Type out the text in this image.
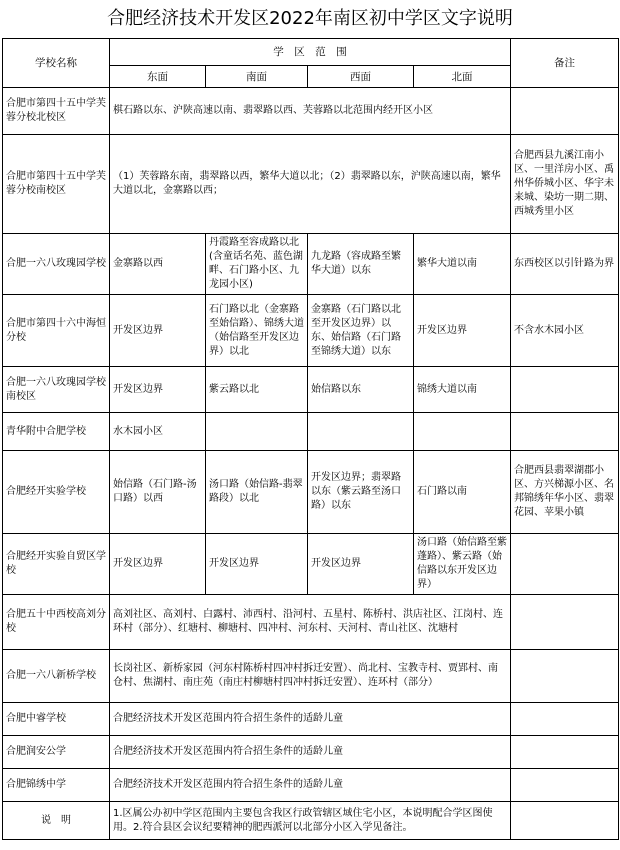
合肥经济技术开发区2022年南区初中学区文字说明
学校名称	学　区　范　围				备注
	东面	南面	西面	北面	
合肥市第四十五中学芙蓉分校北校区	棋石路以东、沪陕高速以南、翡翠路以西、芙蓉路以北范围内经开区小区				
合肥市第四十五中学芙蓉分校南校区	（1）芙蓉路东南，翡翠路以西，繁华大道以北；（2）翡翠路以东，沪陕高速以南，繁华大道以北，金寨路以西；				合肥西县九溪江南小区、一里洋房小区、禹州华侨城小区、华宇未来城、染坊一期二期、西城秀里小区
合肥一六八玫瑰园学校	金寨路以西	丹霞路至容成路以北(含童话名苑、蓝色湖畔、石门路小区、九龙园小区)	九龙路（容成路至繁华大道）以东	繁华大道以南	东西校区以引针路为界
合肥市第四十六中海恒分校	开发区边界	石门路以北（金寨路至始信路）、锦绣大道（始信路至开发区边界）以北	金寨路（石门路以北至开发区边界）以东、始信路（石门路至锦绣大道）以东	开发区边界	不含水木园小区
合肥一六八玫瑰园学校南校区	开发区边界	紫云路以北	始信路以东	锦绣大道以南	
青华附中合肥学校	水木园小区				
合肥经开实验学校	始信路（石门路-汤口路）以西	汤口路（始信路-翡翠路段）以北	开发区边界；翡翠路以东（紫云路至汤口路）以东	石门路以南	合肥西县翡翠湖郡小区、方兴梯源小区、名邦锦绣年华小区、翡翠花园、苹果小镇
合肥经开实验自贸区学校	开发区边界	开发区边界	开发区边界	汤口路（始信路至紫蓬路）、紫云路（始信路以东开发区边界）	
合肥五十中西校高刘分校	高刘社区、高刘村、白露村、沛西村、沿河村、五星村、陈桥村、洪店社区、江岗村、连环村（部分）、红塘村、柳塘村、四冲村、河东村、天河村、青山社区、沈塘村				
合肥一六八新桥学校	长岗社区、新桥家园（河东村陈桥村四冲村拆迁安置）、尚北村、宝教寺村、贾郢村、南仓村、焦湖村、南庄苑（南庄村柳塘村四冲村拆迁安置）、连环村（部分）				
合肥中睿学校	合肥经济技术开发区范围内符合招生条件的适龄儿童				
合肥润安公学	合肥经济技术开发区范围内符合招生条件的适龄儿童				
合肥锦绣中学	合肥经济技术开发区范围内符合招生条件的适龄儿童				
说　明	1.区属公办初中学区范围内主要包含我区行政管辖区域住宅小区，本说明配合学区图使用。2.符合县区会议纪要精神的肥西派河以北部分小区入学见备注。				
